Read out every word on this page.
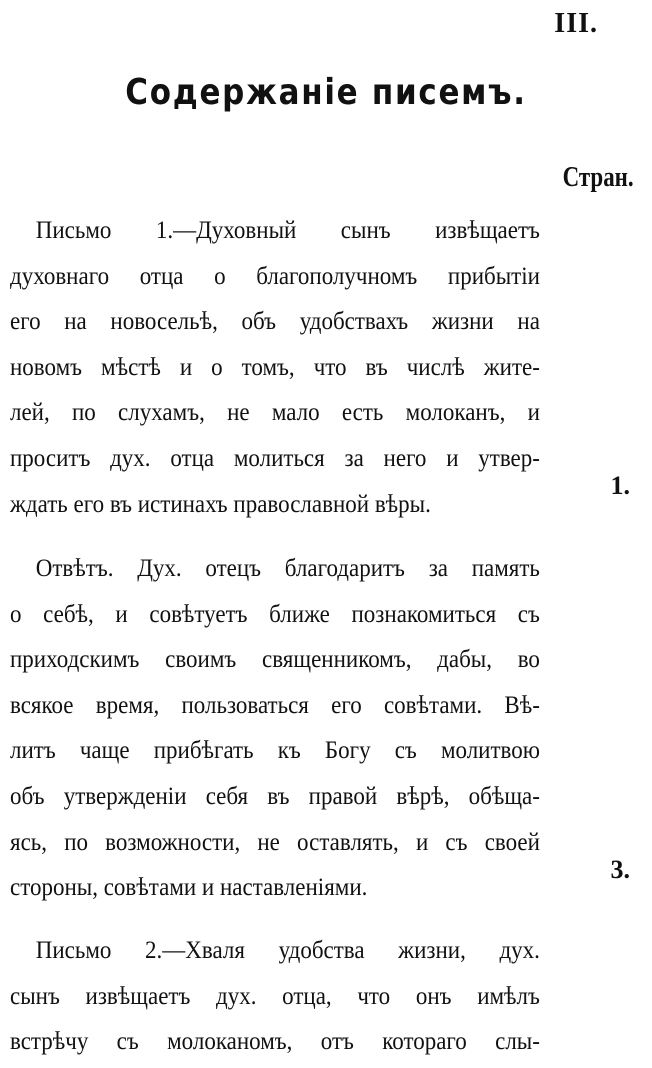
III.
Содержаніе писемъ.
Стран.
Письмо 1.—Духовный сынъ извѣщаетъ
духовнаго отца о благополучномъ прибытіи
его на новосельѣ, объ удобствахъ жизни на
новомъ мѣстѣ и о томъ, что въ числѣ жите-
лей, по слухамъ, не мало есть молоканъ, и
проситъ дух. отца молиться за него и утвер-
ждать его въ истинахъ православной вѣры.
1.
Отвѣтъ. Дух. отецъ благодаритъ за память
о себѣ, и совѣтуетъ ближе познакомиться съ
приходскимъ своимъ священникомъ, дабы, во
всякое время, пользоваться его совѣтами. Вѣ-
литъ чаще прибѣгать къ Богу съ молитвою
объ утвержденіи себя въ правой вѣрѣ, обѣща-
ясь, по возможности, не оставлять, и съ своей
стороны, совѣтами и наставленіями.
3.
Письмо 2.—Хваля удобства жизни, дух.
сынъ извѣщаетъ дух. отца, что онъ имѣлъ
встрѣчу съ молоканомъ, отъ котораго слы-
